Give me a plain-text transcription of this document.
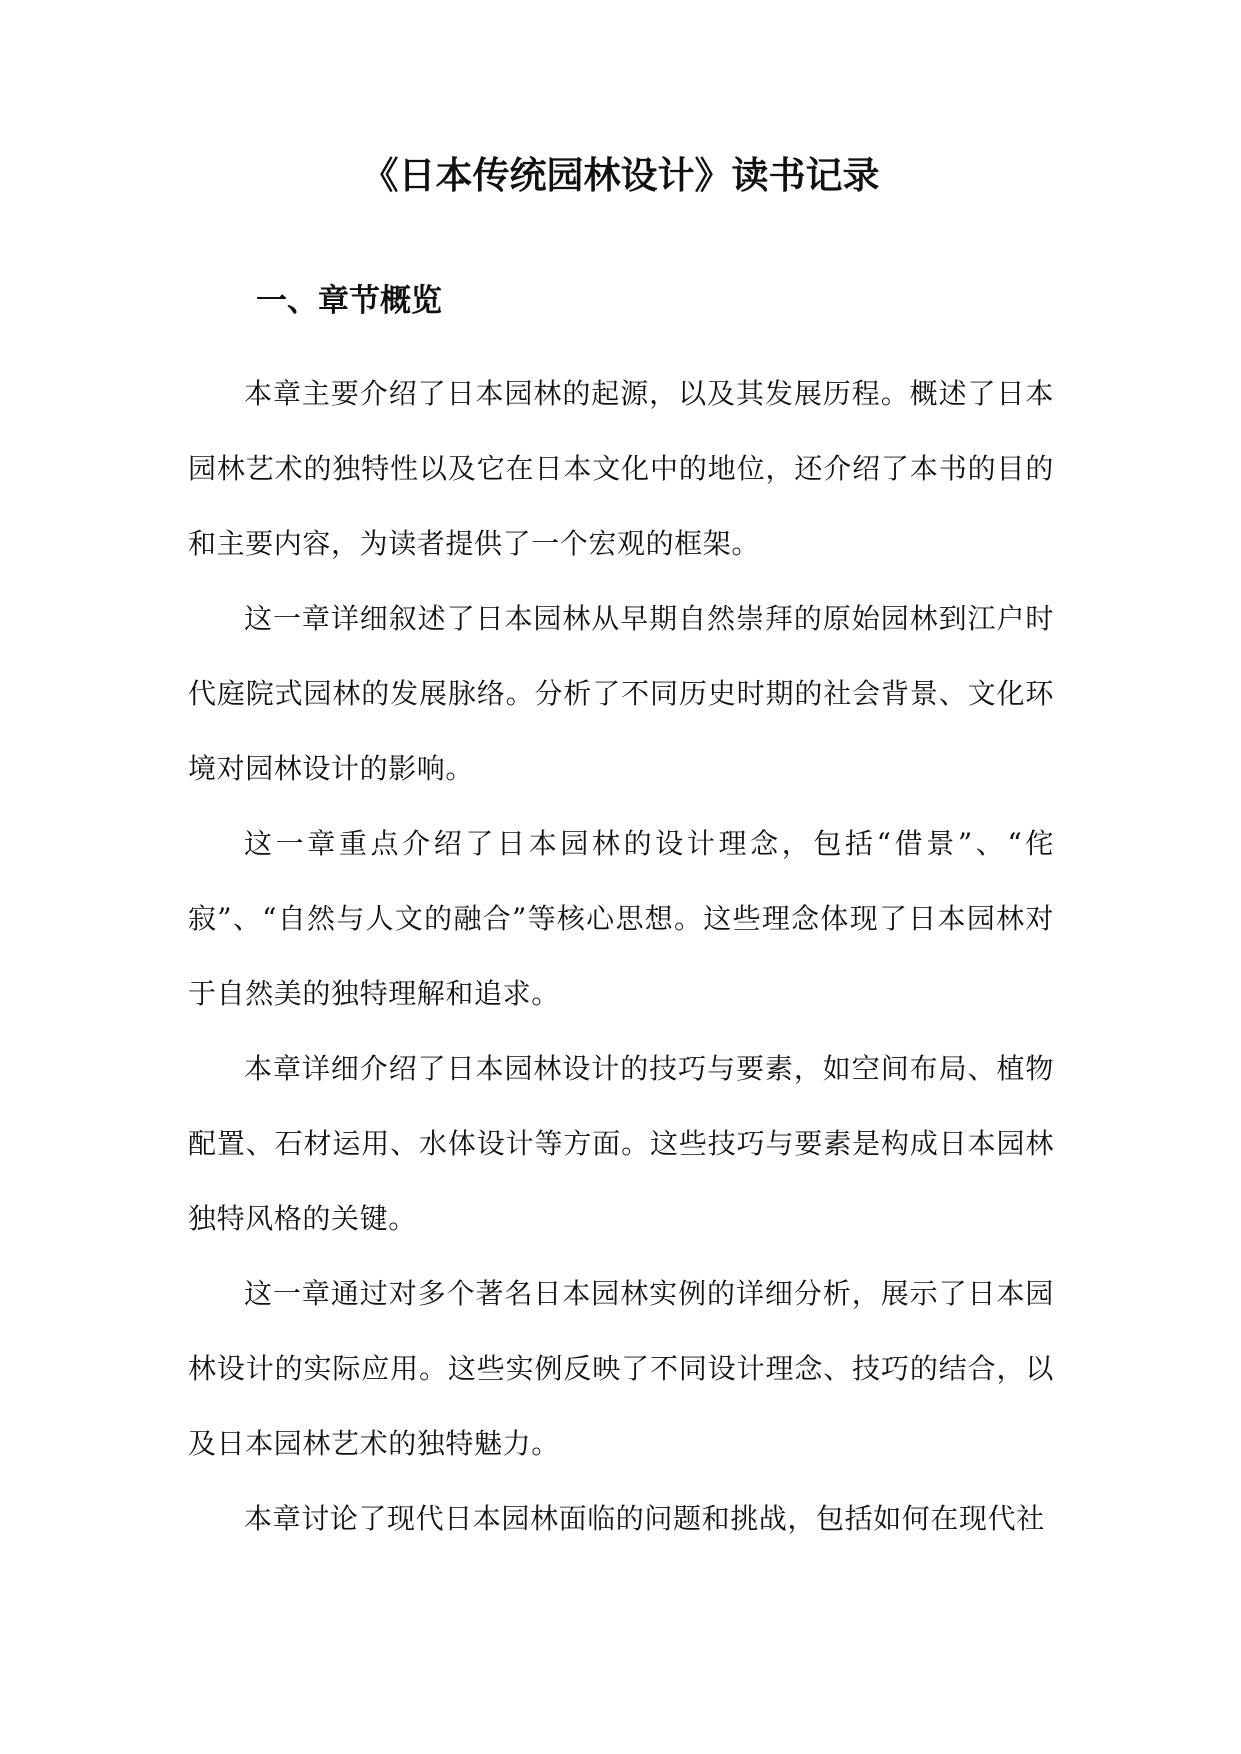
《日本传统园林设计》读书记录
一、章节概览

本章主要介绍了日本园林的起源，以及其发展历程。概述了日本园林艺术的独特性以及它在日本文化中的地位，还介绍了本书的目的和主要内容，为读者提供了一个宏观的框架。

这一章详细叙述了日本园林从早期自然崇拜的原始园林到江户时代庭院式园林的发展脉络。分析了不同历史时期的社会背景、文化环境对园林设计的影响。

这一章重点介绍了日本园林的设计理念，包括“借景”、“侘寂”、“自然与人文的融合”等核心思想。这些理念体现了日本园林对于自然美的独特理解和追求。

本章详细介绍了日本园林设计的技巧与要素，如空间布局、植物配置、石材运用、水体设计等方面。这些技巧与要素是构成日本园林独特风格的关键。

这一章通过对多个著名日本园林实例的详细分析，展示了日本园林设计的实际应用。这些实例反映了不同设计理念、技巧的结合，以及日本园林艺术的独特魅力。

本章讨论了现代日本园林面临的问题和挑战，包括如何在现代社
